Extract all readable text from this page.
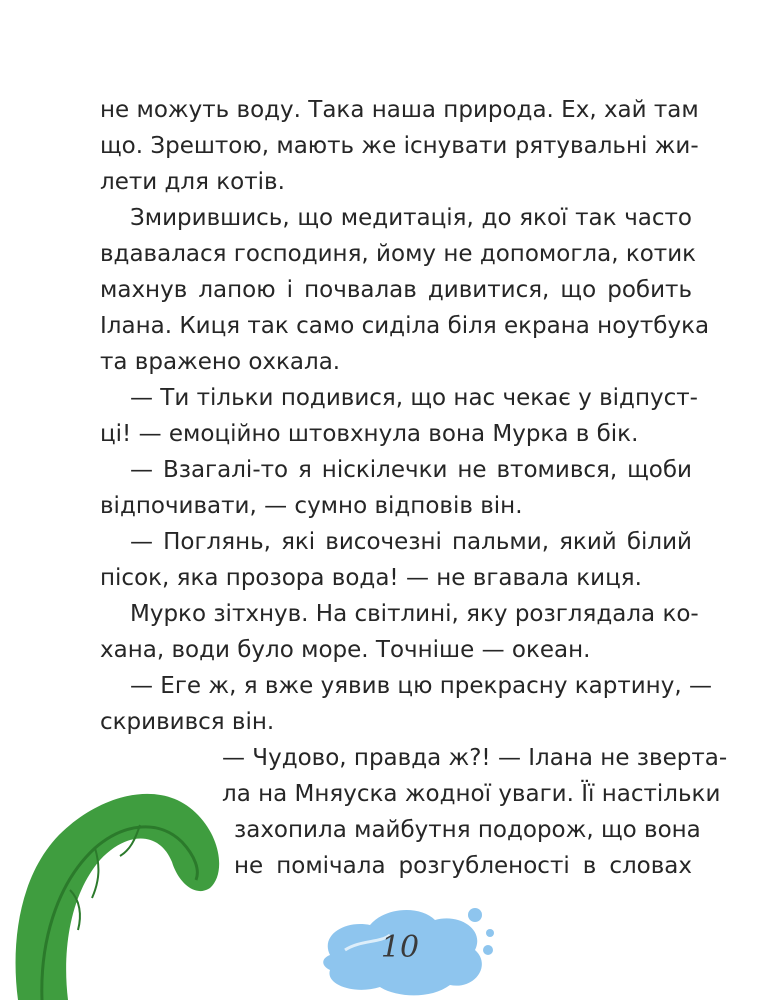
не можуть воду. Така наша природа. Ех, хай там
що. Зрештою, мають же існувати рятувальні жи-
лети для котів.
Змирившись, що медитація, до якої так часто
вдавалася господиня, йому не допомогла, котик
махнув лапою і почвалав дивитися, що робить
Ілана. Киця так само сиділа біля екрана ноутбука
та вражено охкала.
— Ти тільки подивися, що нас чекає у відпуст-
ці! — емоційно штовхнула вона Мурка в бік.
— Взагалі-то я ніскілечки не втомився, щоби
відпочивати, — сумно відповів він.
— Поглянь, які височезні пальми, який білий
пісок, яка прозора вода! — не вгавала киця.
Мурко зітхнув. На світлині, яку розглядала ко-
хана, води було море. Точніше — океан.
— Еге ж, я вже уявив цю прекрасну картину, —
скривився він.
— Чудово, правда ж?! — Ілана не зверта-
ла на Мняуска жодної уваги. Її настільки
захопила майбутня подорож, що вона
не помічала розгубленості в словах
10
